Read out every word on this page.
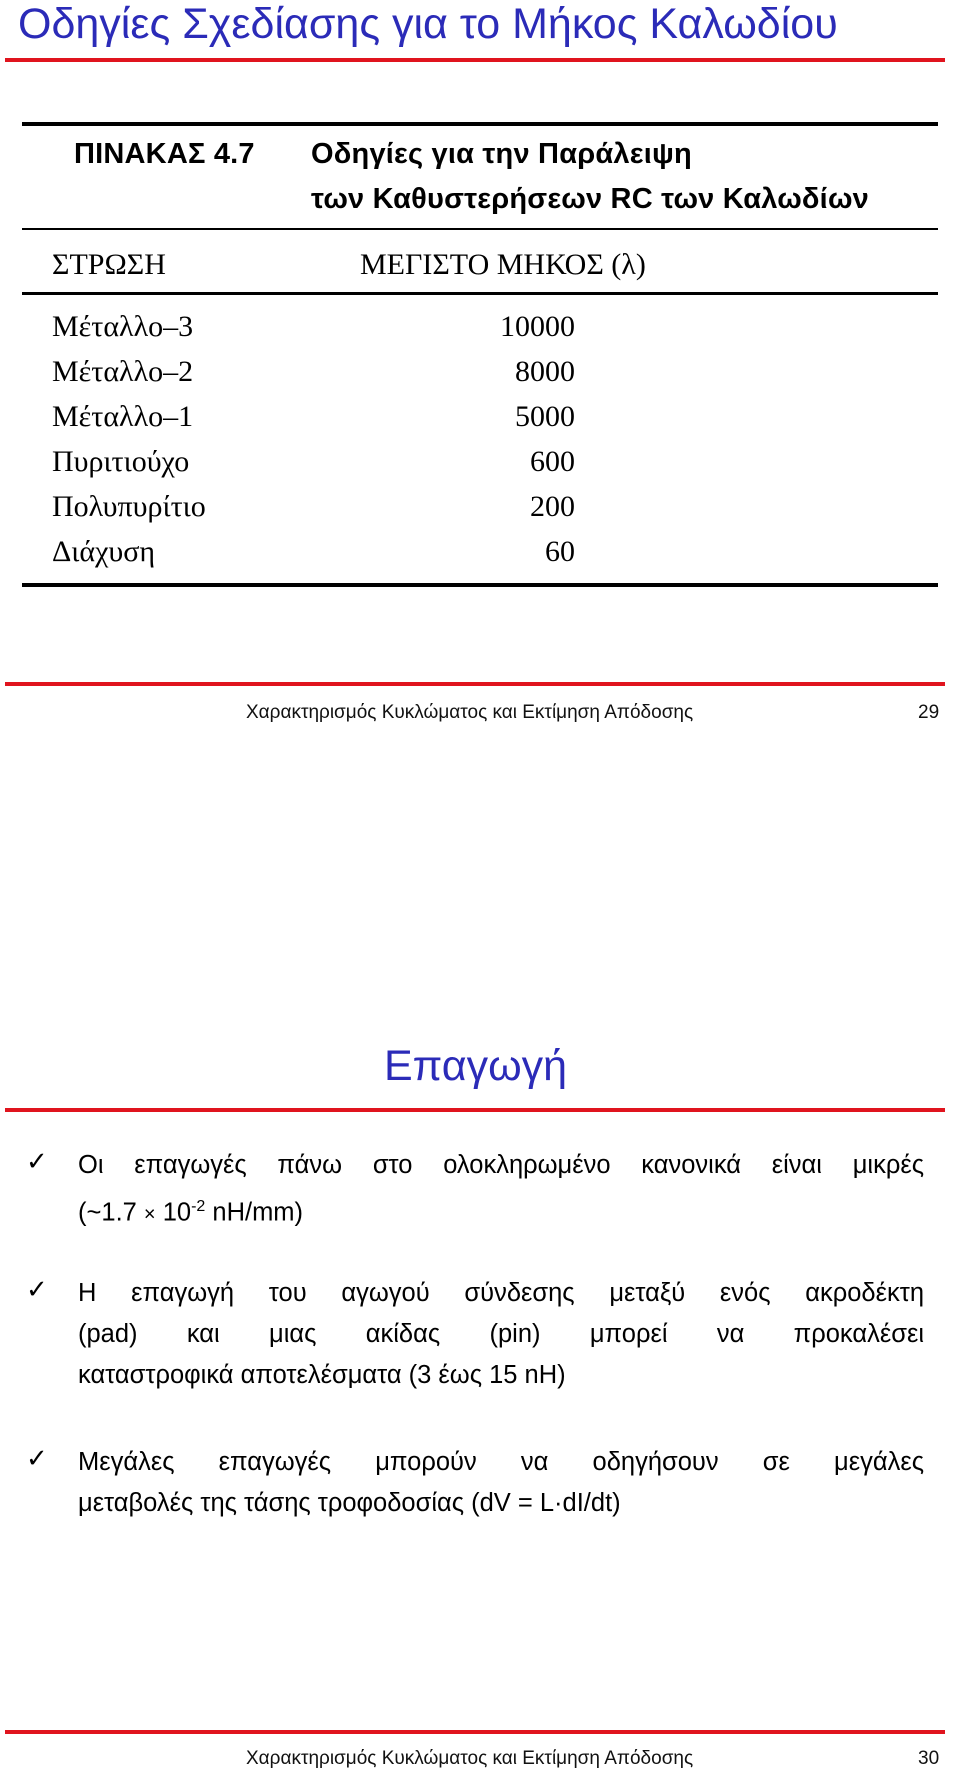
Οδηγίες Σχεδίασης για το Μήκος Καλωδίου
ΠΙΝΑΚΑΣ 4.7 Οδηγίες για την Παράλειψη
των Καθυστερήσεων RC των Καλωδίων
ΣΤΡΩΣΗ	ΜΕΓΙΣΤΟ ΜΗΚΟΣ (λ)
Μέταλλο–3	10000
Μέταλλο–2	8000
Μέταλλο–1	5000
Πυριτιούχο	600
Πολυπυρίτιο	200
Διάχυση	60
Χαρακτηρισμός Κυκλώματος και Εκτίμηση Απόδοσης	29
Επαγωγή
✓ Οι επαγωγές πάνω στο ολοκληρωμένο κανονικά είναι μικρές
(~1.7 × $10^{-2}$ nH/mm)
✓ Η επαγωγή του αγωγού σύνδεσης μεταξύ ενός ακροδέκτη
(pad) και μιας ακίδας (pin) μπορεί να προκαλέσει
καταστροφικά αποτελέσματα (3 έως 15 nH)
✓ Μεγάλες επαγωγές μπορούν να οδηγήσουν σε μεγάλες
μεταβολές της τάσης τροφοδοσίας (dV = L·dI/dt)
Χαρακτηρισμός Κυκλώματος και Εκτίμηση Απόδοσης	30
